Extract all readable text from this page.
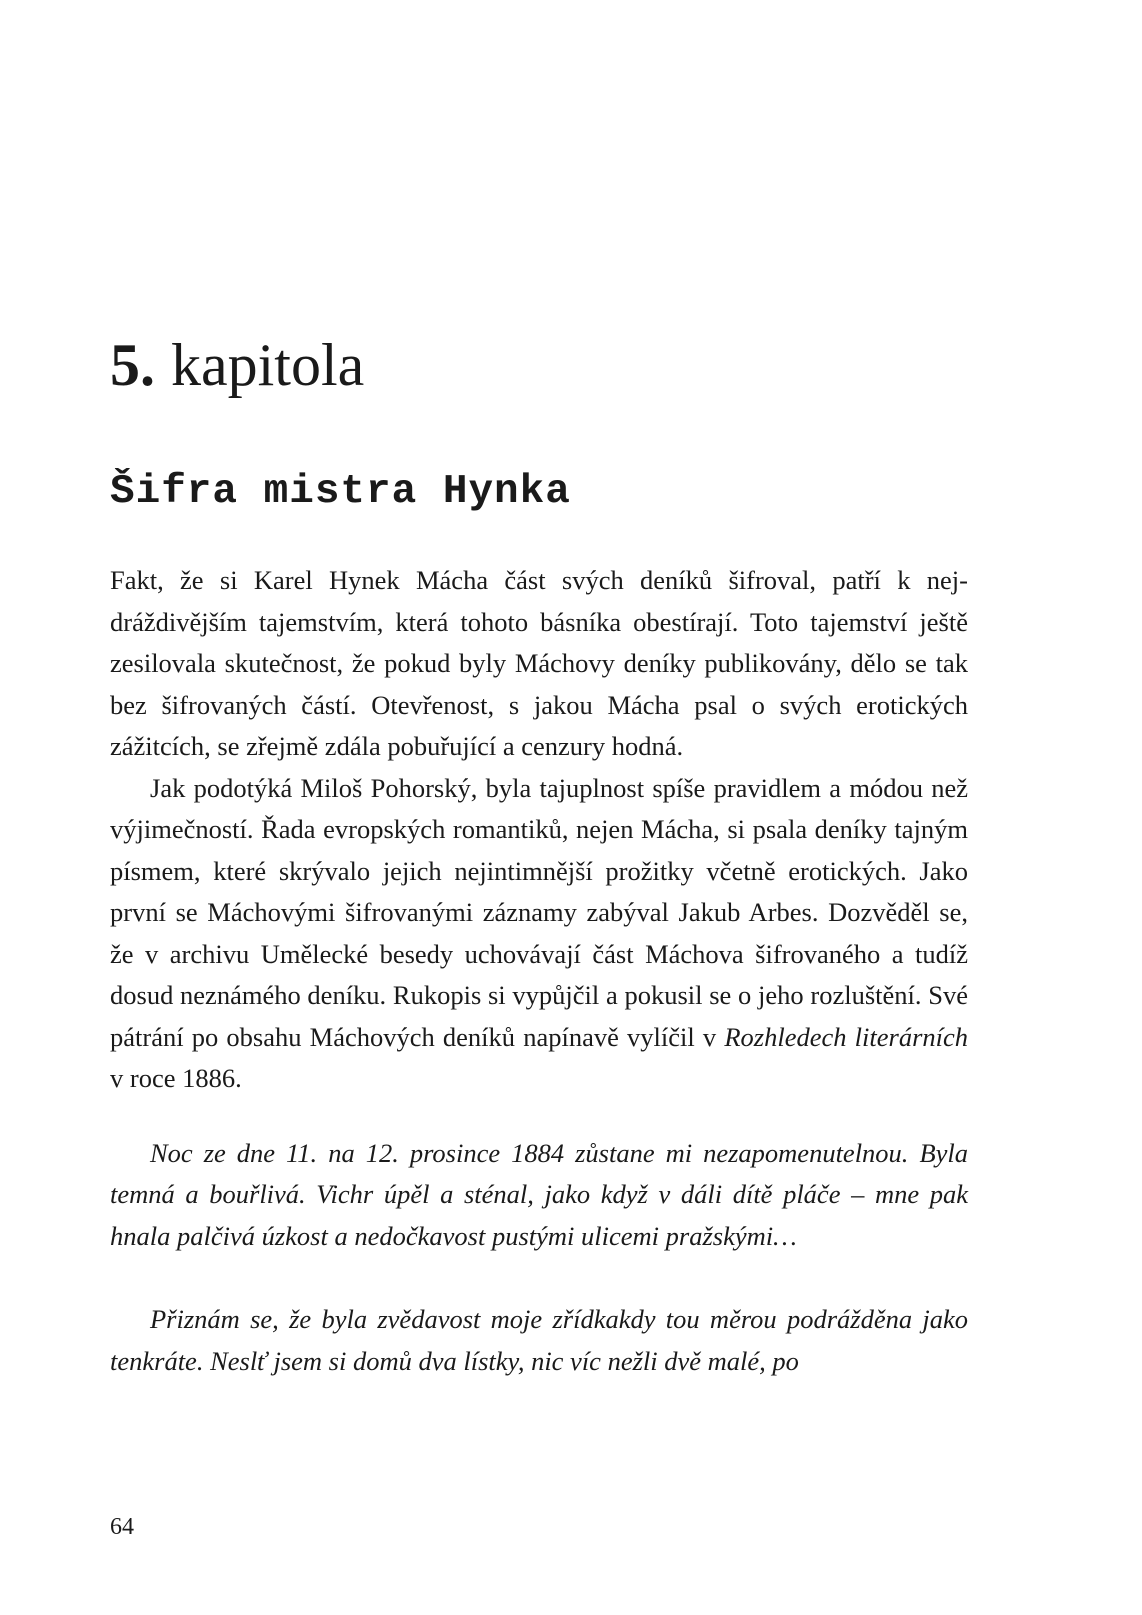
5. kapitola
Šifra mistra Hynka

Fakt, že si Karel Hynek Mácha část svých deníků šifroval, patří k nejdráždivějším tajemstvím, která tohoto básníka obestírají. Toto tajemství ještě zesilovala skutečnost, že pokud byly Máchovy deníky publikovány, dělo se tak bez šifrovaných částí. Otevřenost, s jakou Mácha psal o svých erotických zážitcích, se zřejmě zdála pobuřující a cenzury hodná.

Jak podotýká Miloš Pohorský, byla tajuplnost spíše pravidlem a módou než výjimečností. Řada evropských romantiků, nejen Mácha, si psala deníky tajným písmem, které skrývalo jejich nejintimnější prožitky včetně erotických. Jako první se Máchovými šifrovanými záznamy zabýval Jakub Arbes. Dozvěděl se, že v archivu Umělecké besedy uchovávají část Máchova šifrovaného a tudíž dosud neznámého deníku. Rukopis si vypůjčil a pokusil se o jeho rozluštění. Své pátrání po obsahu Máchových deníků napínavě vylíčil v Rozhledech literárních v roce 1886.

Noc ze dne 11. na 12. prosince 1884 zůstane mi nezapomenutelnou. Byla temná a bouřlivá. Vichr úpěl a sténal, jako když v dáli dítě pláče – mne pak hnala palčivá úzkost a nedočkavost pustými ulicemi pražskými…

Přiznám se, že byla zvědavost moje zřídkakdy tou měrou podrážděna jako tenkráte. Neslť jsem si domů dva lístky, nic víc nežli dvě malé, po

64
